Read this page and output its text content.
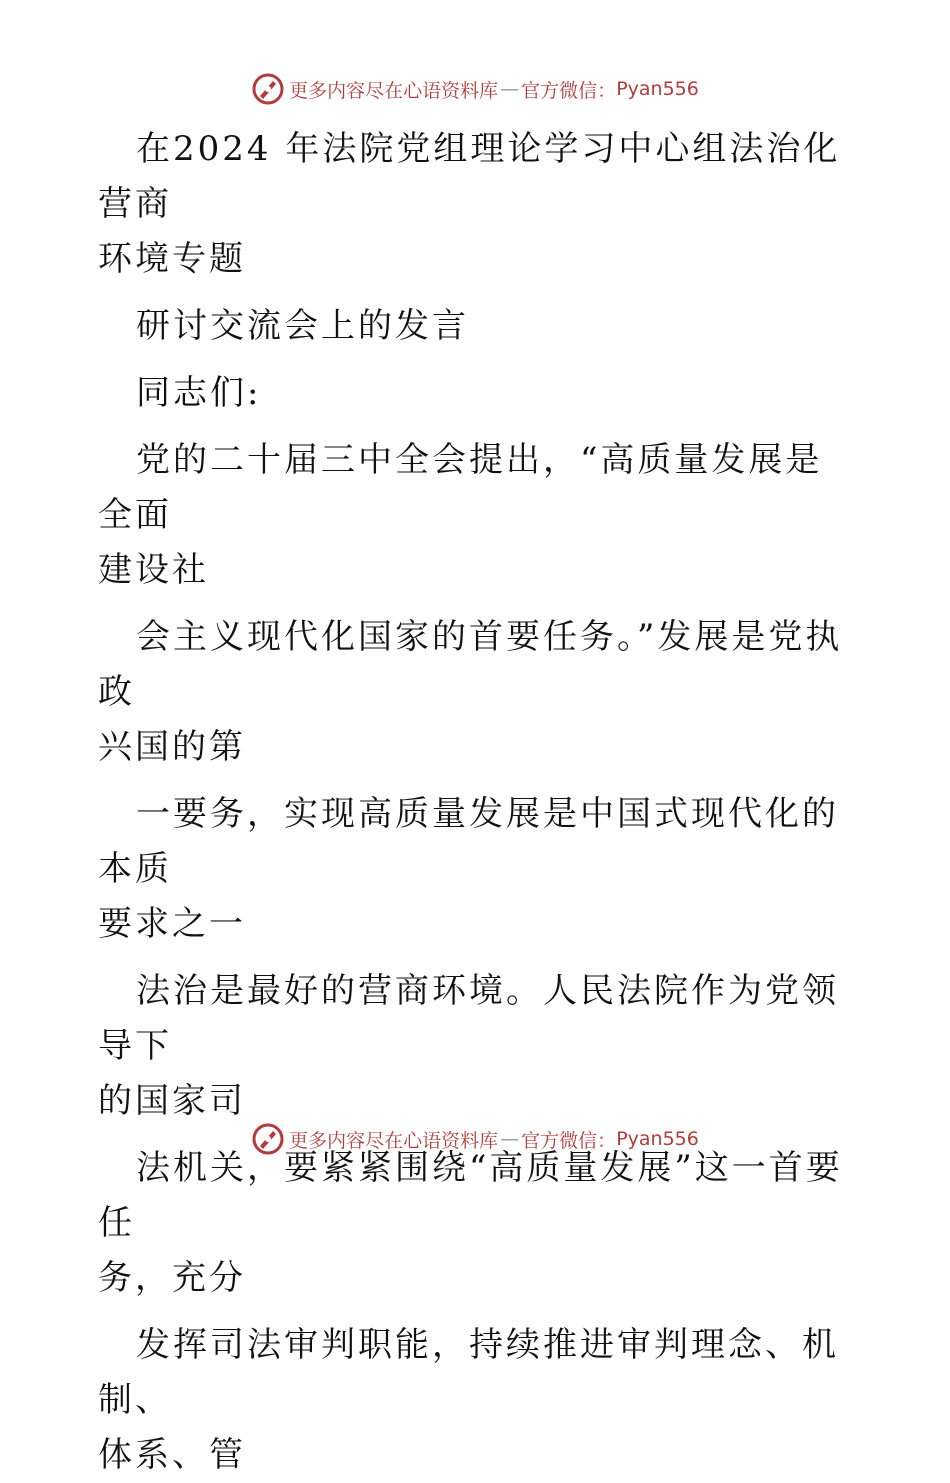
更多内容尽在心语资料库 — 官方微信： Pyan556

在2024 年法院党组理论学习中心组法治化营商
环境专题

研讨交流会上的发言

同志们:

党的二十届三中全会提出，“高质量发展是全面
建设社

会主义现代化国家的首要任务。”发展是党执政
兴国的第

一要务，实现高质量发展是中国式现代化的本质
要求之一

法治是最好的营商环境。人民法院作为党领导下
的国家司

法机关，要紧紧围绕“高质量发展”这一首要任
务，充分

发挥司法审判职能，持续推进审判理念、机制、
体系、管

更多内容尽在心语资料库 — 官方微信： Pyan556
